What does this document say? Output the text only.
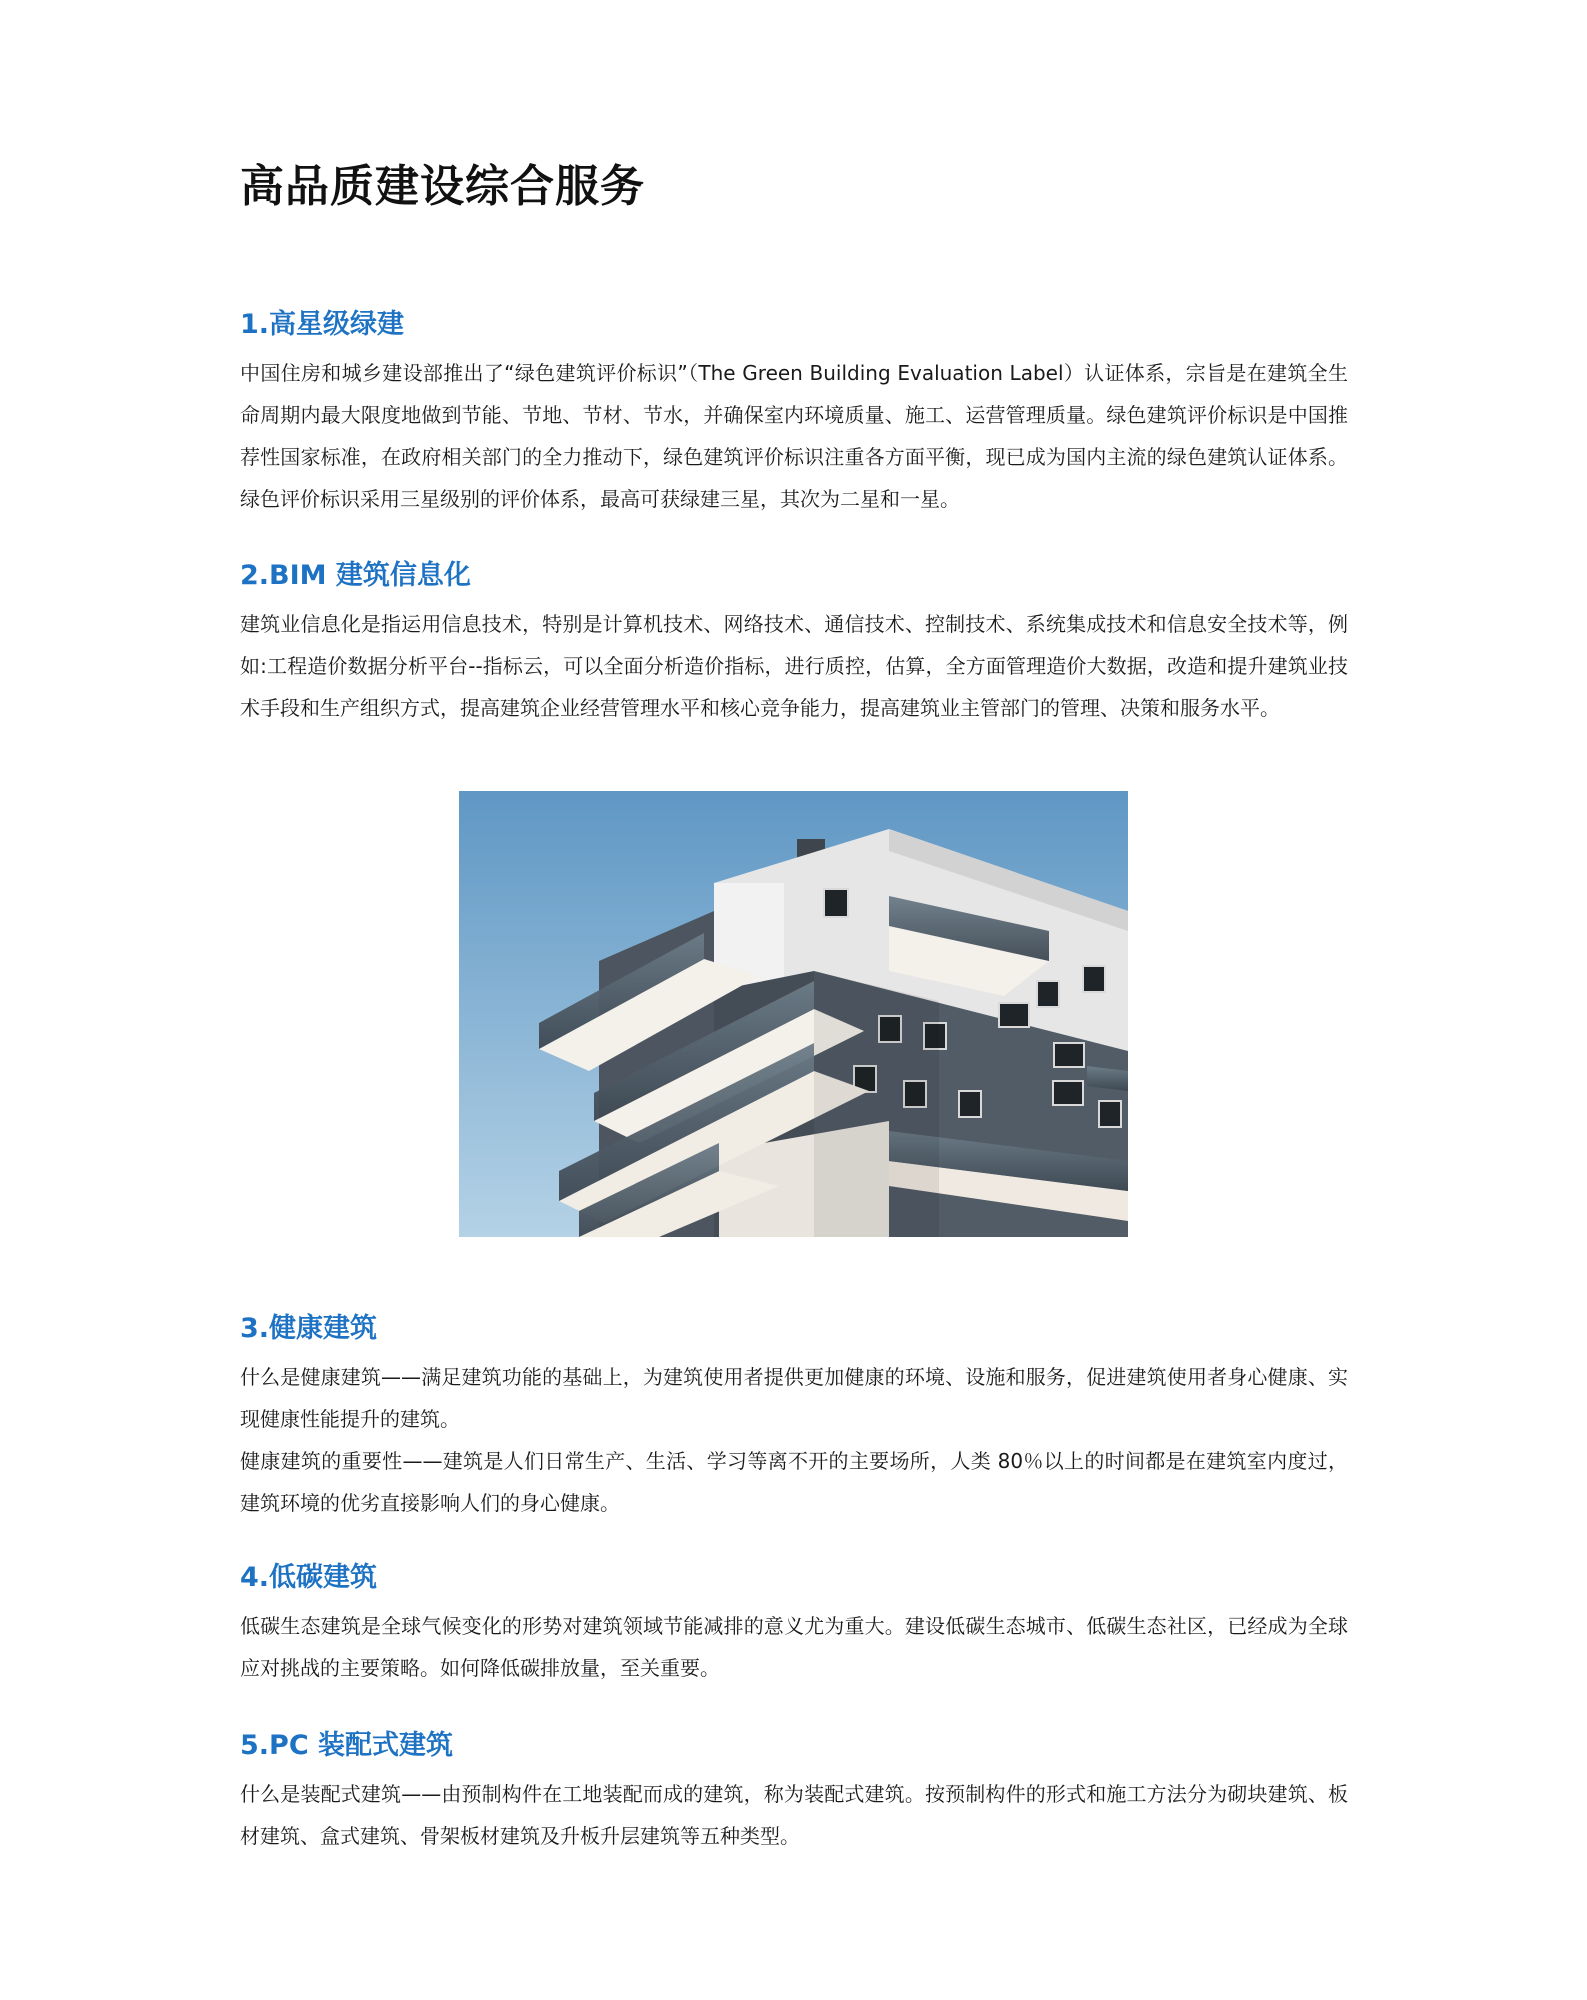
高品质建设综合服务
1.高星级绿建

中国住房和城乡建设部推出了“绿色建筑评价标识”（The Green Building Evaluation Label）认证体系，宗旨是在建筑全生命周期内最大限度地做到节能、节地、节材、节水，并确保室内环境质量、施工、运营管理质量。绿色建筑评价标识是中国推荐性国家标准，在政府相关部门的全力推动下，绿色建筑评价标识注重各方面平衡，现已成为国内主流的绿色建筑认证体系。绿色评价标识采用三星级别的评价体系，最高可获绿建三星，其次为二星和一星。

2.BIM 建筑信息化

建筑业信息化是指运用信息技术，特别是计算机技术、网络技术、通信技术、控制技术、系统集成技术和信息安全技术等，例如:工程造价数据分析平台--指标云，可以全面分析造价指标，进行质控，估算，全方面管理造价大数据，改造和提升建筑业技术手段和生产组织方式，提高建筑企业经营管理水平和核心竞争能力，提高建筑业主管部门的管理、决策和服务水平。

3.健康建筑

什么是健康建筑——满足建筑功能的基础上，为建筑使用者提供更加健康的环境、设施和服务，促进建筑使用者身心健康、实现健康性能提升的建筑。

健康建筑的重要性——建筑是人们日常生产、生活、学习等离不开的主要场所，人类 80％以上的时间都是在建筑室内度过，建筑环境的优劣直接影响人们的身心健康。

4.低碳建筑

低碳生态建筑是全球气候变化的形势对建筑领域节能减排的意义尤为重大。建设低碳生态城市、低碳生态社区，已经成为全球应对挑战的主要策略。如何降低碳排放量，至关重要。

5.PC 装配式建筑

什么是装配式建筑——由预制构件在工地装配而成的建筑，称为装配式建筑。按预制构件的形式和施工方法分为砌块建筑、板材建筑、盒式建筑、骨架板材建筑及升板升层建筑等五种类型。
